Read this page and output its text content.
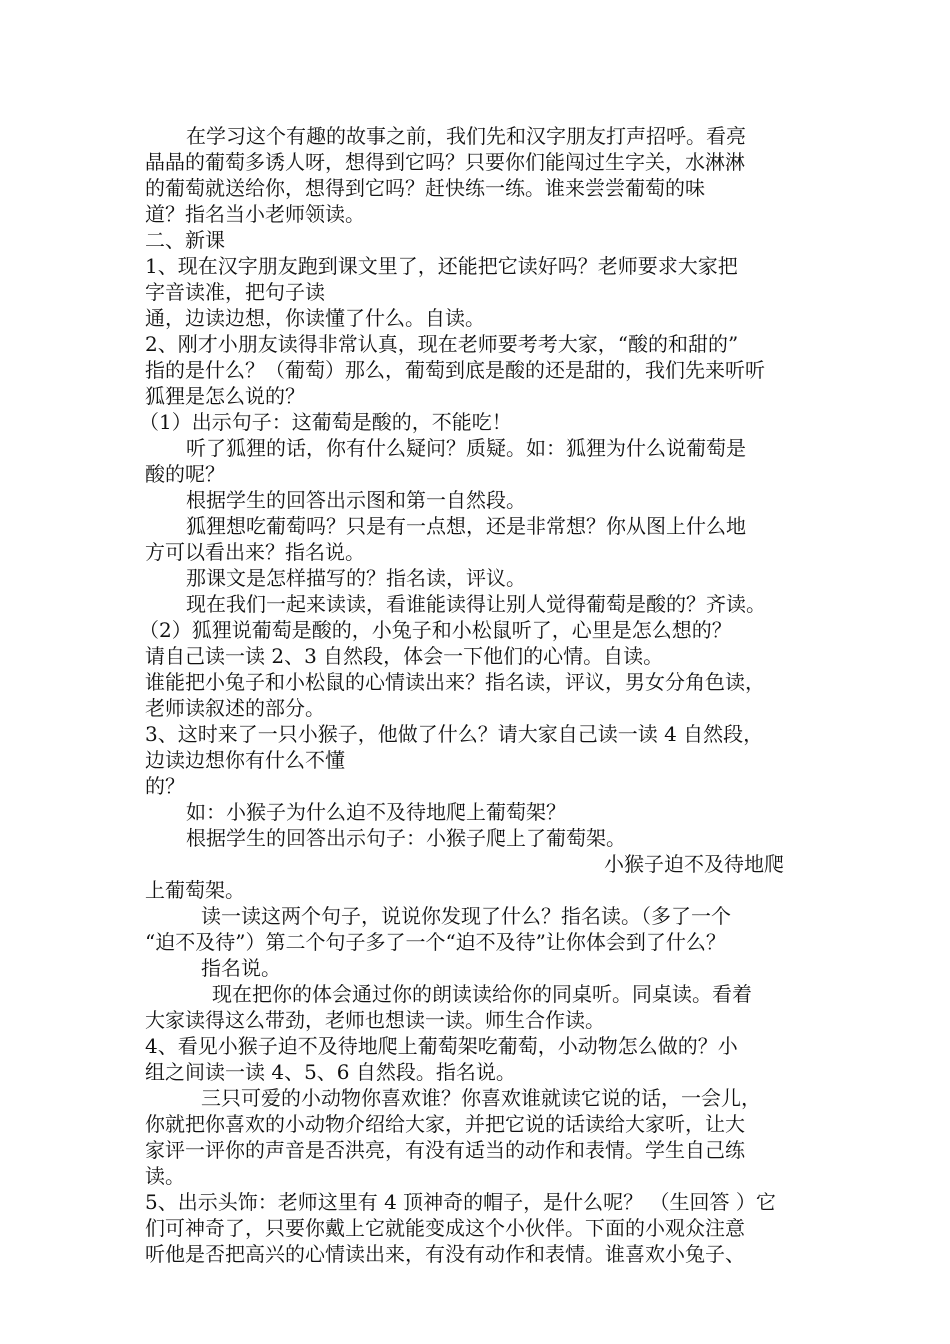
在学习这个有趣的故事之前，我们先和汉字朋友打声招呼。看亮
晶晶的葡萄多诱人呀，想得到它吗？只要你们能闯过生字关，水淋淋
的葡萄就送给你，想得到它吗？赶快练一练。谁来尝尝葡萄的味
道？指名当小老师领读。
二、新课
1、现在汉字朋友跑到课文里了，还能把它读好吗？老师要求大家把
字音读准，把句子读
通，边读边想，你读懂了什么。自读。
2、刚才小朋友读得非常认真，现在老师要考考大家，“酸的和甜的”
指的是什么？（葡萄）那么，葡萄到底是酸的还是甜的，我们先来听听
狐狸是怎么说的？
（1）出示句子：这葡萄是酸的，不能吃！
听了狐狸的话，你有什么疑问？质疑。如：狐狸为什么说葡萄是
酸的呢？
根据学生的回答出示图和第一自然段。
狐狸想吃葡萄吗？只是有一点想，还是非常想？你从图上什么地
方可以看出来？指名说。
那课文是怎样描写的？指名读，评议。
现在我们一起来读读，看谁能读得让别人觉得葡萄是酸的？齐读。
（2）狐狸说葡萄是酸的，小兔子和小松鼠听了，心里是怎么想的？
请自己读一读 2、3 自然段，体会一下他们的心情。自读。
谁能把小兔子和小松鼠的心情读出来？指名读，评议，男女分角色读，
老师读叙述的部分。
3、这时来了一只小猴子，他做了什么？请大家自己读一读 4 自然段，
边读边想你有什么不懂
的？
如：小猴子为什么迫不及待地爬上葡萄架？
根据学生的回答出示句子：小猴子爬上了葡萄架。
小猴子迫不及待地爬
上葡萄架。
读一读这两个句子，说说你发现了什么？指名读。（多了一个
“迫不及待”）第二个句子多了一个“迫不及待”让你体会到了什么？
指名说。
现在把你的体会通过你的朗读读给你的同桌听。同桌读。看着
大家读得这么带劲，老师也想读一读。师生合作读。
4、看见小猴子迫不及待地爬上葡萄架吃葡萄，小动物怎么做的？小
组之间读一读 4、5、6 自然段。指名说。
三只可爱的小动物你喜欢谁？你喜欢谁就读它说的话，一会儿，
你就把你喜欢的小动物介绍给大家，并把它说的话读给大家听，让大
家评一评你的声音是否洪亮，有没有适当的动作和表情。学生自己练
读。
5、出示头饰：老师这里有 4 顶神奇的帽子，是什么呢？ （生回答 ）它
们可神奇了，只要你戴上它就能变成这个小伙伴。下面的小观众注意
听他是否把高兴的心情读出来，有没有动作和表情。谁喜欢小兔子、
